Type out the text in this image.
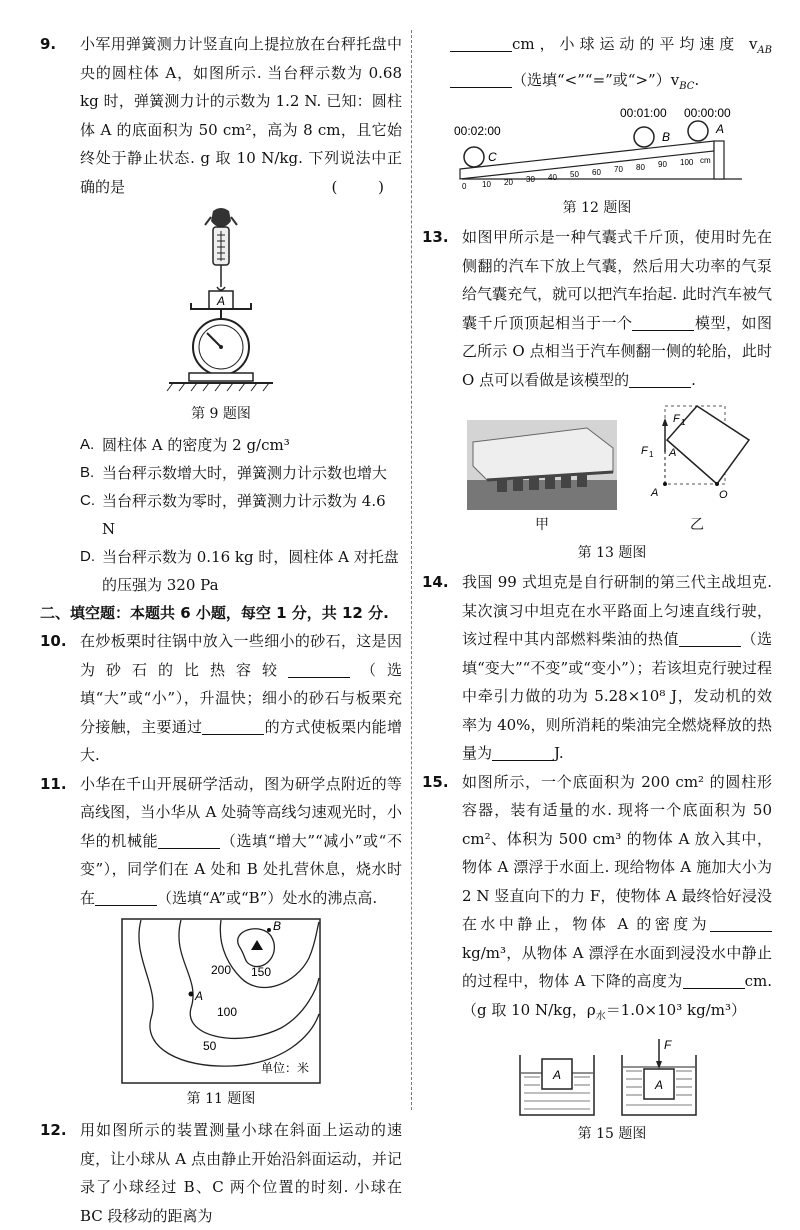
9. 小军用弹簧测力计竖直向上提拉放在台秤托盘中央的圆柱体 A，如图所示. 当台秤示数为 0.68 kg 时，弹簧测力计的示数为 1.2 N. 已知：圆柱体 A 的底面积为 50 cm²，高为 8 cm，且它始终处于静止状态. g 取 10 N/kg. 下列说法中正确的是	( )
A
第 9 题图
A. 圆柱体 A 的密度为 2 g/cm³
B. 当台秤示数增大时，弹簧测力计示数也增大
C. 当台秤示数为零时，弹簧测力计示数为 4.6 N
D. 当台秤示数为 0.16 kg 时，圆柱体 A 对托盘的压强为 320 Pa
二、填空题：本题共 6 小题，每空 1 分，共 12 分.
10. 在炒板栗时往锅中放入一些细小的砂石，这是因为砂石的比热容较	（选填“大”或“小”），升温快；细小的砂石与板栗充分接触，主要通过	的方式使板栗内能增大.
11. 小华在千山开展研学活动，图为研学点附近的等高线图，当小华从 A 处骑等高线匀速观光时，小华的机械能	（选填“增大”“减小”或“不变”），同学们在 A 处和 B 处扎营休息，烧水时在	（选填“A”或“B”）处水的沸点高.
B
A
200 150
100
50
单位：米
第 11 题图
12. 用如图所示的装置测量小球在斜面上运动的速度，让小球从 A 点由静止开始沿斜面运动，并记录了小球经过 B、C 两个位置的时刻. 小球在 BC 段移动的距离为
cm，小球运动的平均速度 $v_{AB}$（选填“<”“=”或“$>”)v_{BC}$.
00:02:00
00:01:00 00:00:00
C
B
A
0 10 20 30 40 50 60 70 80 90 100 cm
第 12 题图
13. 如图甲所示是一种气囊式千斤顶，使用时先在侧翻的汽车下放上气囊，然后用大功率的气泵给气囊充气，就可以把汽车抬起. 此时汽车被气囊千斤顶顶起相当于一个	模型，如图乙所示 O 点相当于汽车侧翻一侧的轮胎，此时 O 点可以看做是该模型的	.
甲
F 1
F 1 A
A	O
乙
第 13 题图
14. 我国 99 式坦克是自行研制的第三代主战坦克. 某次演习中坦克在水平路面上匀速直线行驶，该过程中其内部燃料柴油的热值	（选填“变大”“不变”或“变小”）；若该坦克行驶过程中牵引力做的功为 5.28×10⁸ J，发动机的效率为 40%，则所消耗的柴油完全燃烧释放的热量为	J.
15. 如图所示，一个底面积为 200 cm² 的圆柱形容器，装有适量的水. 现将一个底面积为 50 cm²、体积为 500 cm³ 的物体 A 放入其中，物体 A 漂浮于水面上. 现给物体 A 施加大小为 2 N 竖直向下的力 F，使物体 A 最终恰好浸没在水中静止，物体 A 的密度为kg/m³，从物体 A 漂浮在水面到浸没水中静止的过程中，物体 A 下降的高度为	cm.（g 取 10 N/kg，$\rho_水=1.0\times 10^3$ kg/m³）
A
A
F
第 15 题图
